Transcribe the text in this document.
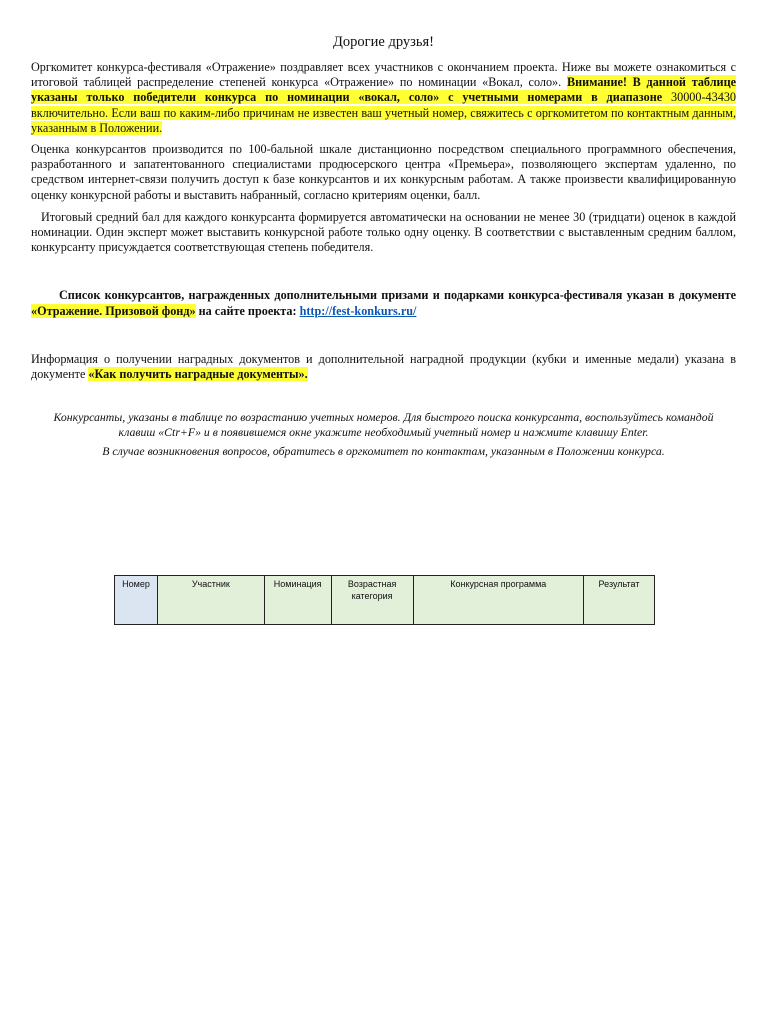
Дорогие друзья!

Оргкомитет конкурса-фестиваля «Отражение» поздравляет всех участников с окончанием проекта. Ниже вы можете ознакомиться с итоговой таблицей распределение степеней конкурса «Отражение» по номинации «Вокал, соло». Внимание! В данной таблице указаны только победители конкурса по номинации «вокал, соло» с учетными номерами в диапазоне 30000-43430 включительно. Если ваш по каким-либо причинам не известен ваш учетный номер, свяжитесь с оргкомитетом по контактным данным, указанным в Положении.

Оценка конкурсантов производится по 100-бальной шкале дистанционно посредством специального программного обеспечения, разработанного и запатентованного специалистами продюсерского центра «Премьера», позволяющего экспертам удаленно, по средством интернет-связи получить доступ к базе конкурсантов и их конкурсным работам. А также произвести квалифицированную оценку конкурсной работы и выставить набранный, согласно критериям оценки, балл.

Итоговый средний бал для каждого конкурсанта формируется автоматически на основании не менее 30 (тридцати) оценок в каждой номинации. Один эксперт может выставить конкурсной работе только одну оценку. В соответствии с выставленным средним баллом, конкурсанту присуждается соответствующая степень победителя.

Список конкурсантов, награжденных дополнительными призами и подарками конкурса-фестиваля указан в документе «Отражение. Призовой фонд» на сайте проекта: http://fest-konkurs.ru/

Информация о получении наградных документов и дополнительной наградной продукции (кубки и именные медали) указана в документе «Как получить наградные документы».

Конкурсанты, указаны в таблице по возрастанию учетных номеров. Для быстрого поиска конкурсанта, воспользуйтесь командой клавиш «Ctr+F» и в появившемся окне укажите необходимый учетный номер и нажмите клавишу Enter.
В случае возникновения вопросов, обратитесь в оргкомитет по контактам, указанным в Положении конкурса.
Номер	Участник	Номинация	Возрастная категория	Конкурсная программа	Результат
